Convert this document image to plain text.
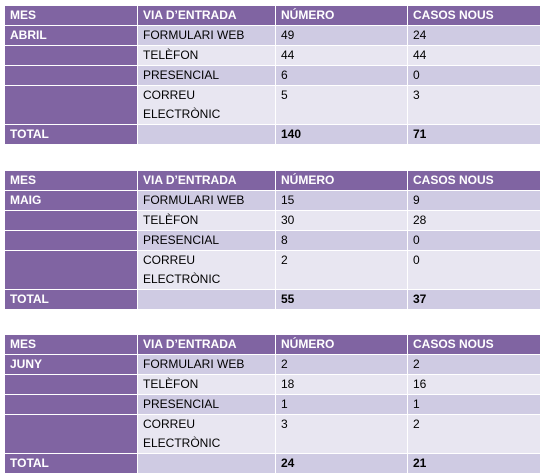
MES	VIA D’ENTRADA	NÚMERO	CASOS NOUS
ABRIL	FORMULARI WEB	49	24
	TELÈFON	44	44
	PRESENCIAL	6	0
	CORREU ELECTRÒNIC	5	3
TOTAL		140	71
MES	VIA D’ENTRADA	NÚMERO	CASOS NOUS
MAIG	FORMULARI WEB	15	9
	TELÈFON	30	28
	PRESENCIAL	8	0
	CORREU ELECTRÒNIC	2	0
TOTAL		55	37
MES	VIA D’ENTRADA	NÚMERO	CASOS NOUS
JUNY	FORMULARI WEB	2	2
	TELÈFON	18	16
	PRESENCIAL	1	1
	CORREU ELECTRÒNIC	3	2
TOTAL		24	21
